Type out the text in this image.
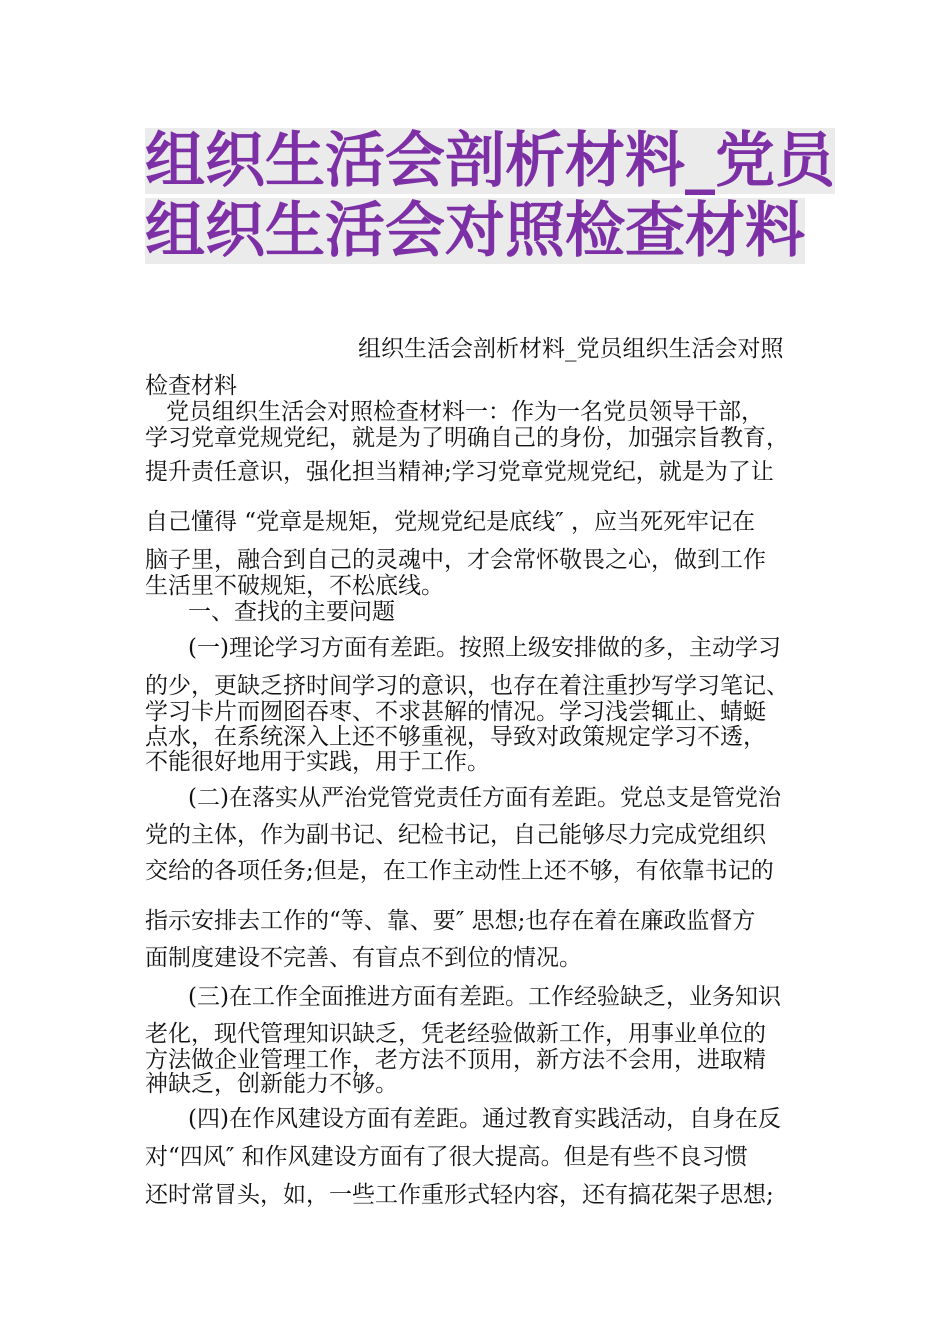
组织生活会剖析材料_党员
组织生活会对照检查材料
组织生活会剖析材料_党员组织生活会对照
检查材料
党员组织生活会对照检查材料一：作为一名党员领导干部，
学习党章党规党纪，就是为了明确自己的身份，加强宗旨教育，
提升责任意识，强化担当精神;学习党章党规党纪，就是为了让
自己懂得 “党章是规矩，党规党纪是底线″ ，应当死死牢记在
脑子里，融合到自己的灵魂中，才会常怀敬畏之心，做到工作
生活里不破规矩，不松底线。
一、查找的主要问题
(一)理论学习方面有差距。按照上级安排做的多，主动学习
的少，更缺乏挤时间学习的意识，也存在着注重抄写学习笔记、
学习卡片而囫囵吞枣、不求甚解的情况。学习浅尝辄止、蜻蜓
点水，在系统深入上还不够重视，导致对政策规定学习不透，
不能很好地用于实践，用于工作。
(二)在落实从严治党管党责任方面有差距。党总支是管党治
党的主体，作为副书记、纪检书记，自己能够尽力完成党组织
交给的各项任务;但是，在工作主动性上还不够，有依靠书记的
指示安排去工作的“等、靠、要″ 思想;也存在着在廉政监督方
面制度建设不完善、有盲点不到位的情况。
(三)在工作全面推进方面有差距。工作经验缺乏，业务知识
老化，现代管理知识缺乏，凭老经验做新工作，用事业单位的
方法做企业管理工作，老方法不顶用，新方法不会用，进取精
神缺乏，创新能力不够。
(四)在作风建设方面有差距。通过教育实践活动，自身在反
对“四风″ 和作风建设方面有了很大提高。但是有些不良习惯
还时常冒头，如，一些工作重形式轻内容，还有搞花架子思想;
